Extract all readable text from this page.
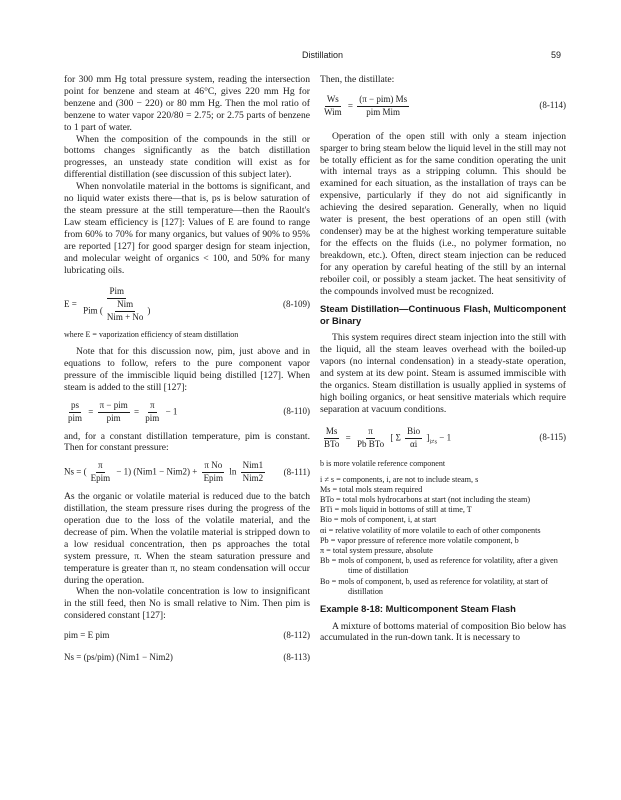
Distillation	59

for 300 mm Hg total pressure system, reading the intersection point for benzene and steam at 46°C, gives 220 mm Hg for benzene and (300 − 220) or 80 mm Hg. Then the mol ratio of benzene to water vapor 220/80 = 2.75; or 2.75 parts of benzene to 1 part of water.

When the composition of the compounds in the still or bottoms changes significantly as the batch distillation progresses, an unsteady state condition will exist as for differential distillation (see discussion of this subject later).

When nonvolatile material in the bottoms is significant, and no liquid water exists there—that is, ps is below saturation of the steam pressure at the still temperature—then the Raoult's Law steam efficiency is [127]: Values of E are found to range from 60% to 70% for many organics, but values of 90% to 95% are reported [127] for good sparger design for steam injection, and molecular weight of organics < 100, and 50% for many lubricating oils.

$E = \frac{\text{Pim}}{Pim ( \frac{\text{Nim}}{\text{Nim + No}} )}$	(8-109)

where E = vaporization efficiency of steam distillation

Note that for this discussion now, pim, just above and in equations to follow, refers to the pure component vapor pressure of the immiscible liquid being distilled [127]. When steam is added to the still [127]:

$\frac{ps}{\text{pim}} = \frac{\text{π − pim}}{\text{pim}} = \frac{\pi}{\text{pim}} - 1$	(8-110)

and, for a constant distillation temperature, pim is constant. Then for constant pressure:

Ns = ( $\frac{\pi}{\text{Epim}} - 1$) $(Nim1 - Nim2) + \frac{\text{π No}}{\text{Epim}}$ $\ln \frac{\text{Nim1}}{\text{Nim2}} (8-111)$

As the organic or volatile material is reduced due to the batch distillation, the steam pressure rises during the progress of the operation due to the loss of the volatile material, and the decrease of pim. When the volatile material is stripped down to a low residual concentration, then ps approaches the total system pressure, π. When the steam saturation pressure and temperature is greater than π, no steam condensation will occur during the operation.

When the non-volatile concentration is low to insignificant in the still feed, then No is small relative to Nim. Then pim is considered constant [127]:

pim = E pim	(8-112)
Ns = (ps/pim) (Nim1 − Nim2)	(8-113)

Then, the distillate:

$\frac{Ws}{\text{Wim}} = \frac{\text{(π − pim) Ms}}{\text{pim Mim}}$	(8-114)

Operation of the open still with only a steam injection sparger to bring steam below the liquid level in the still may not be totally efficient as for the same condition operating the unit with internal trays as a stripping column. This should be examined for each situation, as the installation of trays can be expensive, particularly if they do not aid significantly in achieving the desired separation. Generally, when no liquid water is present, the best operations of an open still (with condenser) may be at the highest working temperature suitable for the effects on the fluids (i.e., no polymer formation, no breakdown, etc.). Often, direct steam injection can be reduced for any operation by careful heating of the still by an internal reboiler coil, or possibly a steam jacket. The heat sensitivity of the compounds involved must be recognized.

Steam Distillation—Continuous Flash, Multicomponent or Binary

This system requires direct steam injection into the still with the liquid, all the steam leaves overhead with the boiled-up vapors (no internal condensation) in a steady-state operation, and system at its dew point. Steam is assumed immiscible with the organics. Steam distillation is usually applied in systems of high boiling organics, or heat sensitive materials which require separation at vacuum conditions.

$\frac{Ms}{\text{BTo}} = \frac{\pi}{\text{Pb BTo}}$ [ Σ $\frac{\text{Bio}}{\alpha i} ]_{i\ne s} - 1$	(8-115)

b is more volatile reference component

i ≠ s = components, i, are not to include steam, s
Ms = total mols steam required
BTo = total mols hydrocarbons at start (not including the steam)
BTi = mols liquid in bottoms of still at time, T
Bio = mols of component, i, at start
αi = relative volatility of more volatile to each of other components
Pb = vapor pressure of reference more volatile component, b
π = total system pressure, absolute
Bb = mols of component, b, used as reference for volatility, after a given time of distillation
Bo = mols of component, b, used as reference for volatility, at start of distillation

Example 8-18: Multicomponent Steam Flash

A mixture of bottoms material of composition Bio below has accumulated in the run-down tank. It is necessary to
